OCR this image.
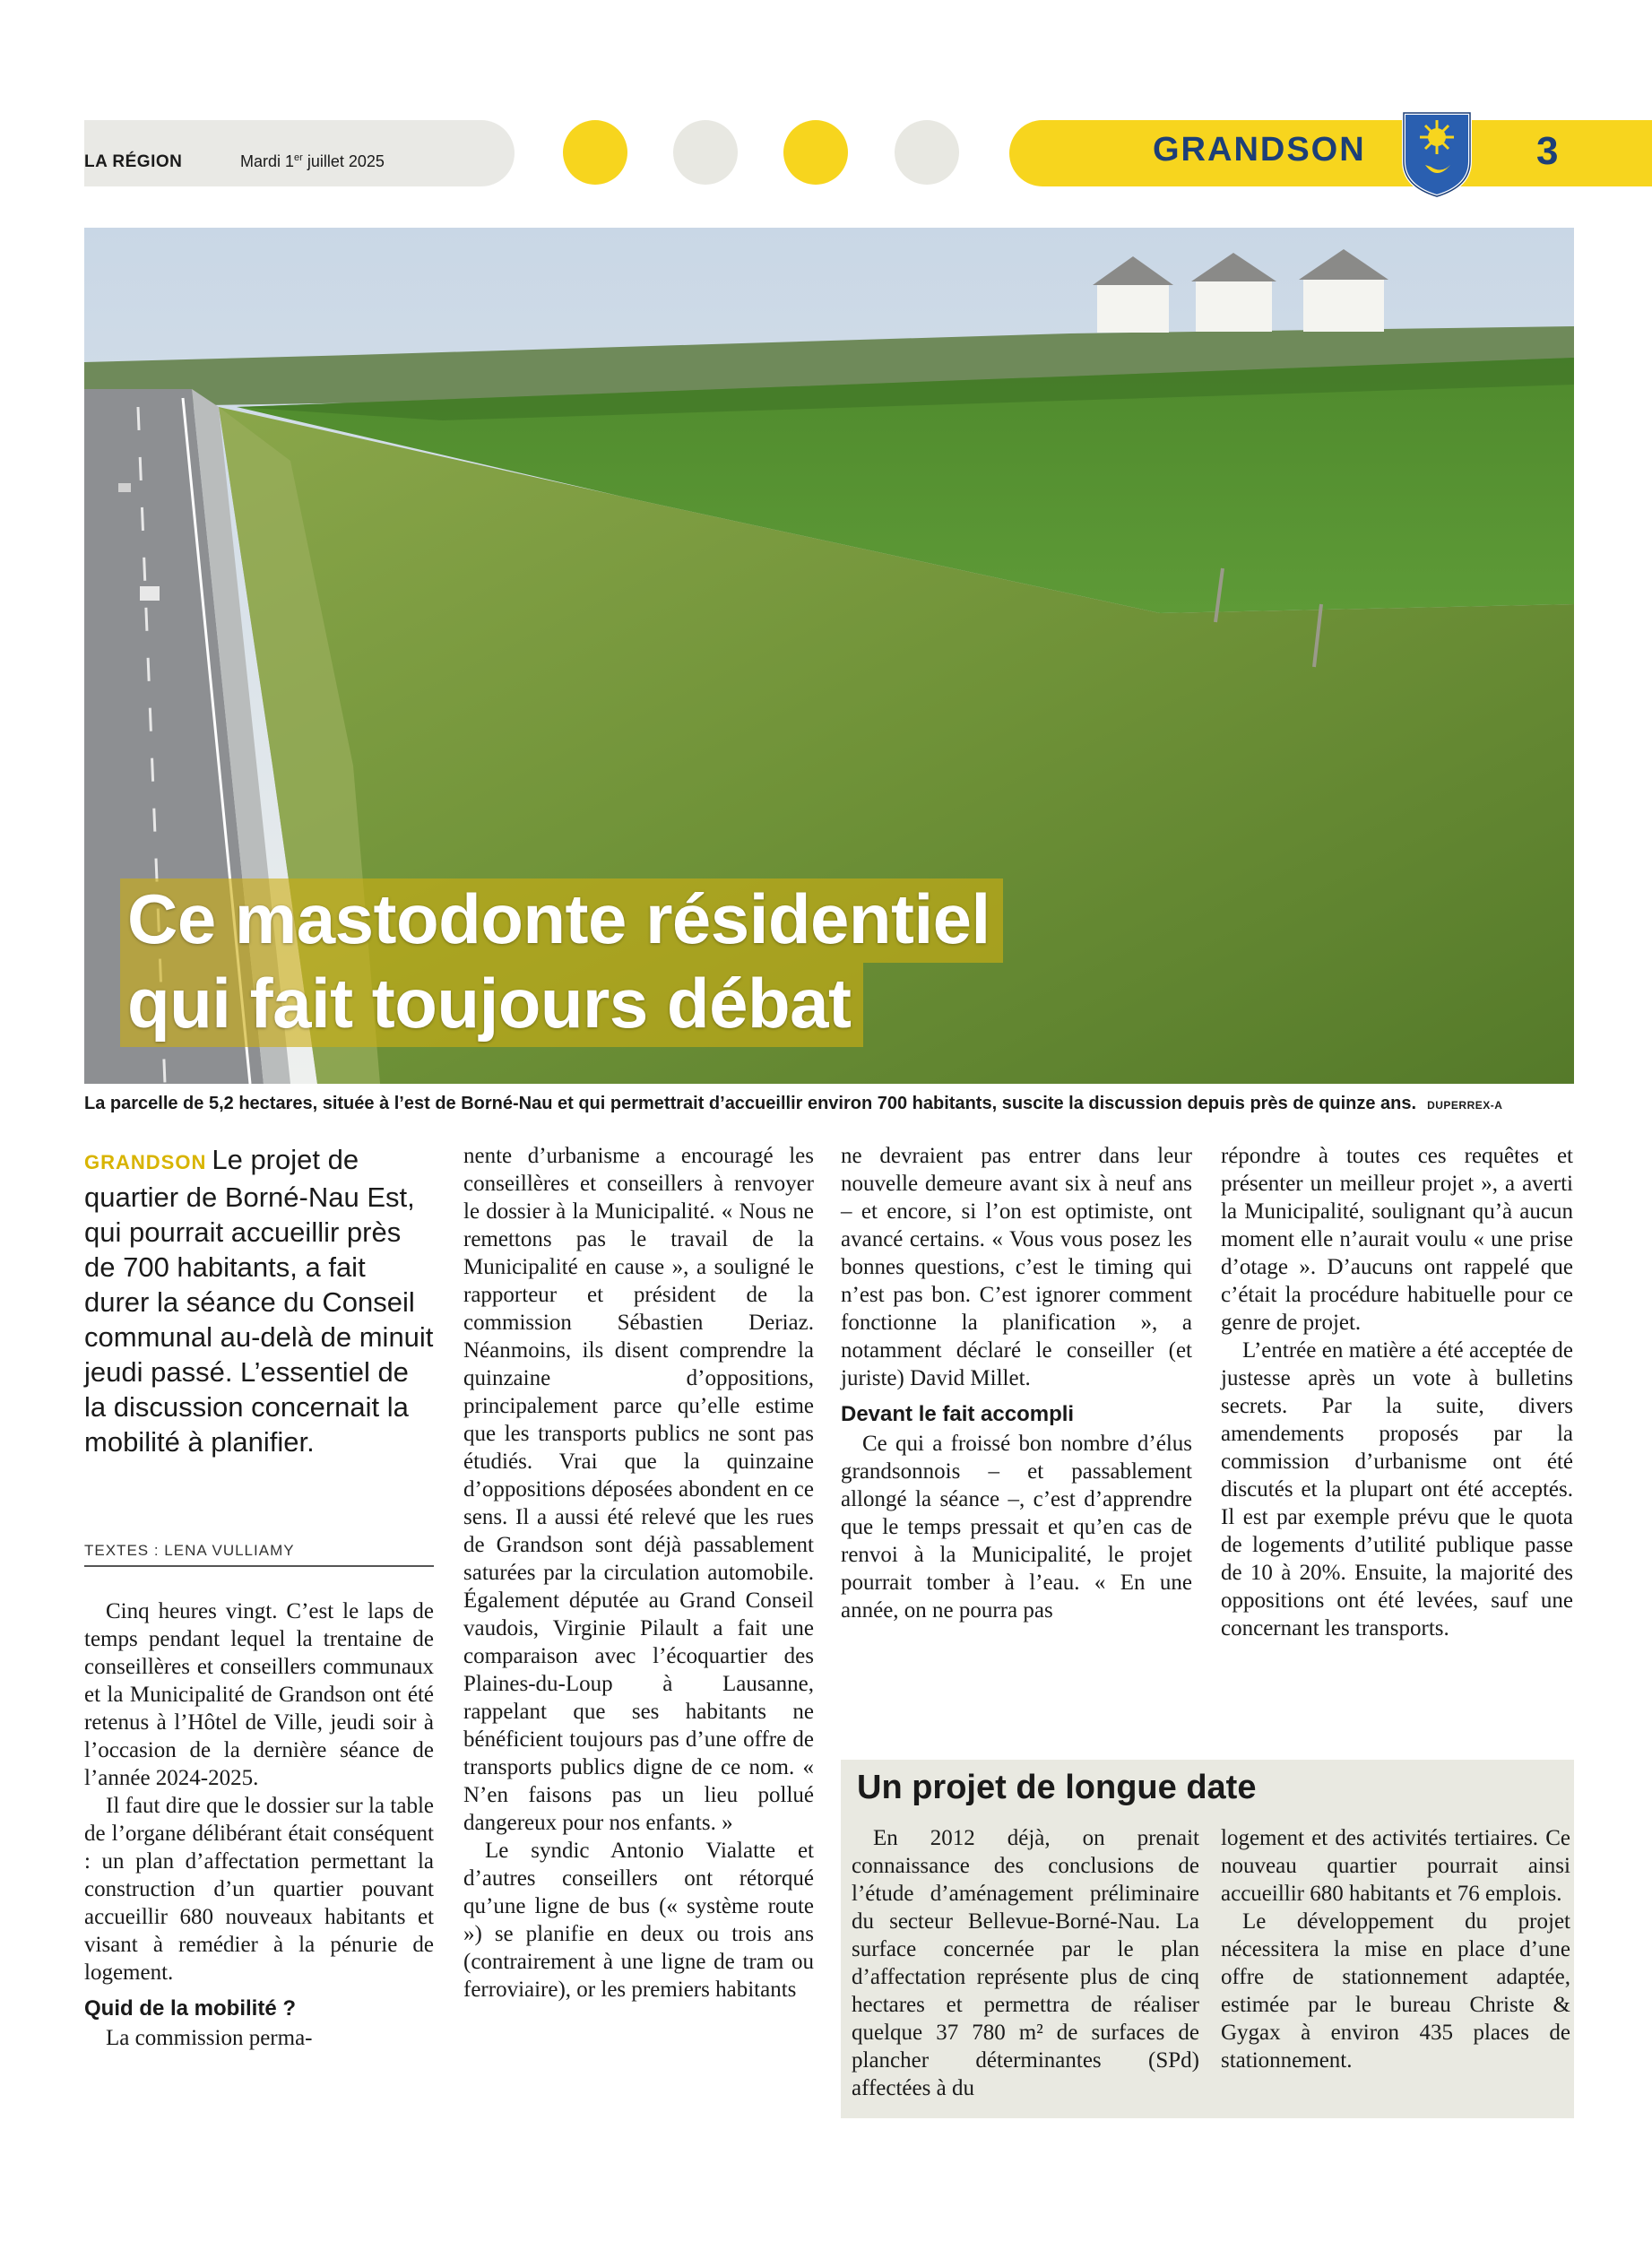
LA RÉGION	Mardi 1er juillet 2025	GRANDSON	3
Ce mastodonte résidentiel
qui fait toujours débat
La parcelle de 5,2 hectares, située à l’est de Borné-Nau et qui permettrait d’accueillir environ 700 habitants, suscite la discussion depuis près de quinze ans. DUPERREX-A
GRANDSON Le projet de quartier de Borné-Nau Est, qui pourrait accueillir près de 700 habitants, a fait durer la séance du Conseil communal au-delà de minuit jeudi passé. L’essentiel de la discussion concernait la mobilité à planifier.
TEXTES : LENA VULLIAMY

Cinq heures vingt. C’est le laps de temps pendant lequel la trentaine de conseillères et conseillers communaux et la Municipalité de Grandson ont été retenus à l’Hôtel de Ville, jeudi soir à l’occasion de la dernière séance de l’année 2024-2025.

Il faut dire que le dossier sur la table de l’organe délibérant était conséquent : un plan d’affectation permettant la construction d’un quartier pouvant accueillir 680 nouveaux habitants et visant à remédier à la pénurie de logement.

Quid de la mobilité ?

La commission perma-

nente d’urbanisme a encouragé les conseillères et conseillers à renvoyer le dossier à la Municipalité. « Nous ne remettons pas le travail de la Municipalité en cause », a souligné le rapporteur et président de la commission Sébastien Deriaz. Néanmoins, ils disent comprendre la quinzaine d’oppositions, principalement parce qu’elle estime que les transports publics ne sont pas étudiés. Vrai que la quinzaine d’oppositions déposées abondent en ce sens. Il a aussi été relevé que les rues de Grandson sont déjà passablement saturées par la circulation automobile. Également députée au Grand Conseil vaudois, Virginie Pilault a fait une comparaison avec l’écoquartier des Plaines-du-Loup à Lausanne, rappelant que ses habitants ne bénéficient toujours pas d’une offre de transports publics digne de ce nom. « N’en faisons pas un lieu pollué dangereux pour nos enfants. »

Le syndic Antonio Vialatte et d’autres conseillers ont rétorqué qu’une ligne de bus (« système route ») se planifie en deux ou trois ans (contrairement à une ligne de tram ou ferroviaire), or les premiers habitants

ne devraient pas entrer dans leur nouvelle demeure avant six à neuf ans – et encore, si l’on est optimiste, ont avancé certains. « Vous vous posez les bonnes questions, c’est le timing qui n’est pas bon. C’est ignorer comment fonctionne la planification », a notamment déclaré le conseiller (et juriste) David Millet.

Devant le fait accompli

Ce qui a froissé bon nombre d’élus grandsonnois – et passablement allongé la séance –, c’est d’apprendre que le temps pressait et qu’en cas de renvoi à la Municipalité, le projet pourrait tomber à l’eau. « En une année, on ne pourra pas

répondre à toutes ces requêtes et présenter un meilleur projet », a averti la Municipalité, soulignant qu’à aucun moment elle n’aurait voulu « une prise d’otage ». D’aucuns ont rappelé que c’était la procédure habituelle pour ce genre de projet.

L’entrée en matière a été acceptée de justesse après un vote à bulletins secrets. Par la suite, divers amendements proposés par la commission d’urbanisme ont été discutés et la plupart ont été acceptés. Il est par exemple prévu que le quota de logements d’utilité publique passe de 10 à 20%. Ensuite, la majorité des oppositions ont été levées, sauf une concernant les transports.

Un projet de longue date

En 2012 déjà, on prenait connaissance des conclusions de l’étude d’aménagement préliminaire du secteur Bellevue-Borné-Nau. La surface concernée par le plan d’affectation représente plus de cinq hectares et permettra de réaliser quelque 37 780 m² de surfaces de plancher déterminantes (SPd) affectées à du

logement et des activités tertiaires. Ce nouveau quartier pourrait ainsi accueillir 680 habitants et 76 emplois.

Le développement du projet nécessitera la mise en place d’une offre de stationnement adaptée, estimée par le bureau Christe & Gygax à environ 435 places de stationnement.
